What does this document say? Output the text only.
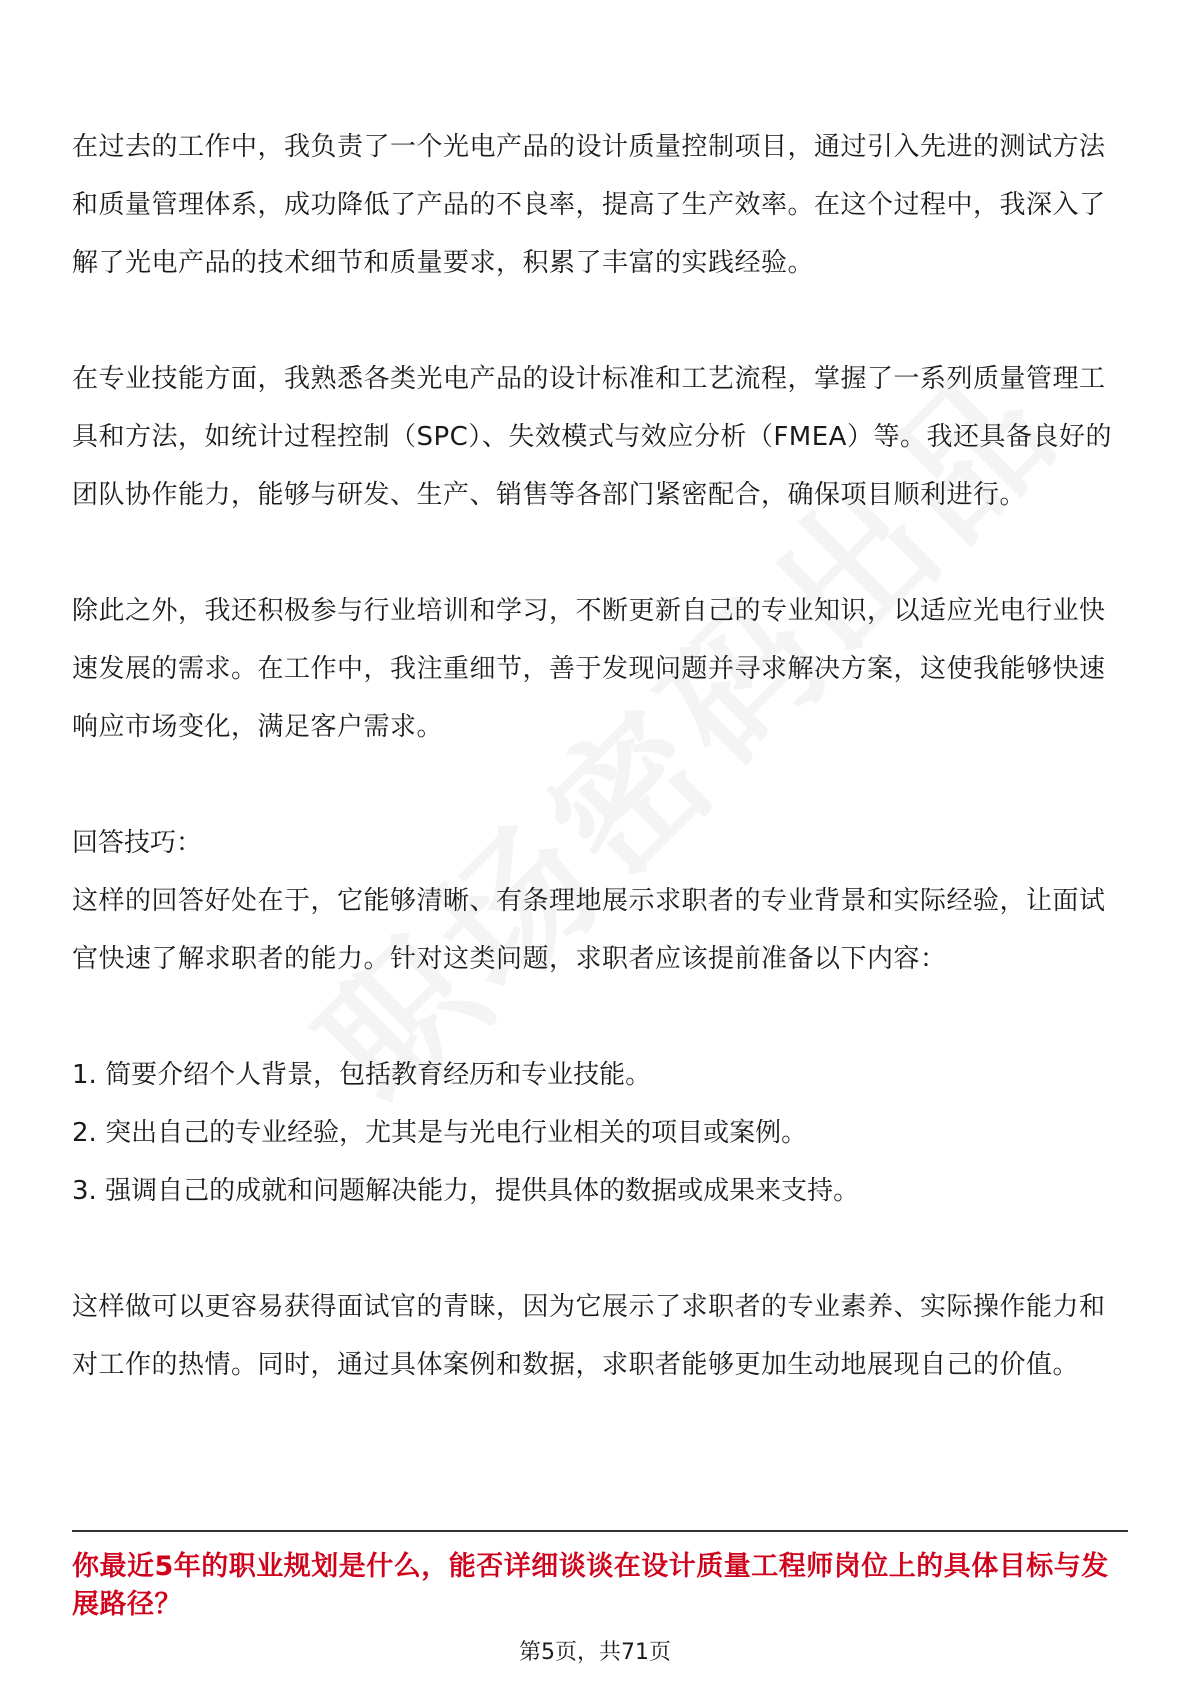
在过去的工作中，我负责了一个光电产品的设计质量控制项目，通过引入先进的测试方法和质量管理体系，成功降低了产品的不良率，提高了生产效率。在这个过程中，我深入了解了光电产品的技术细节和质量要求，积累了丰富的实践经验。

在专业技能方面，我熟悉各类光电产品的设计标准和工艺流程，掌握了一系列质量管理工具和方法，如统计过程控制（SPC）、失效模式与效应分析（FMEA）等。我还具备良好的团队协作能力，能够与研发、生产、销售等各部门紧密配合，确保项目顺利进行。

除此之外，我还积极参与行业培训和学习，不断更新自己的专业知识，以适应光电行业快速发展的需求。在工作中，我注重细节，善于发现问题并寻求解决方案，这使我能够快速响应市场变化，满足客户需求。

回答技巧：

这样的回答好处在于，它能够清晰、有条理地展示求职者的专业背景和实际经验，让面试官快速了解求职者的能力。针对这类问题，求职者应该提前准备以下内容：

1. 简要介绍个人背景，包括教育经历和专业技能。
2. 突出自己的专业经验，尤其是与光电行业相关的项目或案例。
3. 强调自己的成就和问题解决能力，提供具体的数据或成果来支持。

这样做可以更容易获得面试官的青睐，因为它展示了求职者的专业素养、实际操作能力和对工作的热情。同时，通过具体案例和数据，求职者能够更加生动地展现自己的价值。

你最近5年的职业规划是什么，能否详细谈谈在设计质量工程师岗位上的具体目标与发展路径？
第5页，共71页
